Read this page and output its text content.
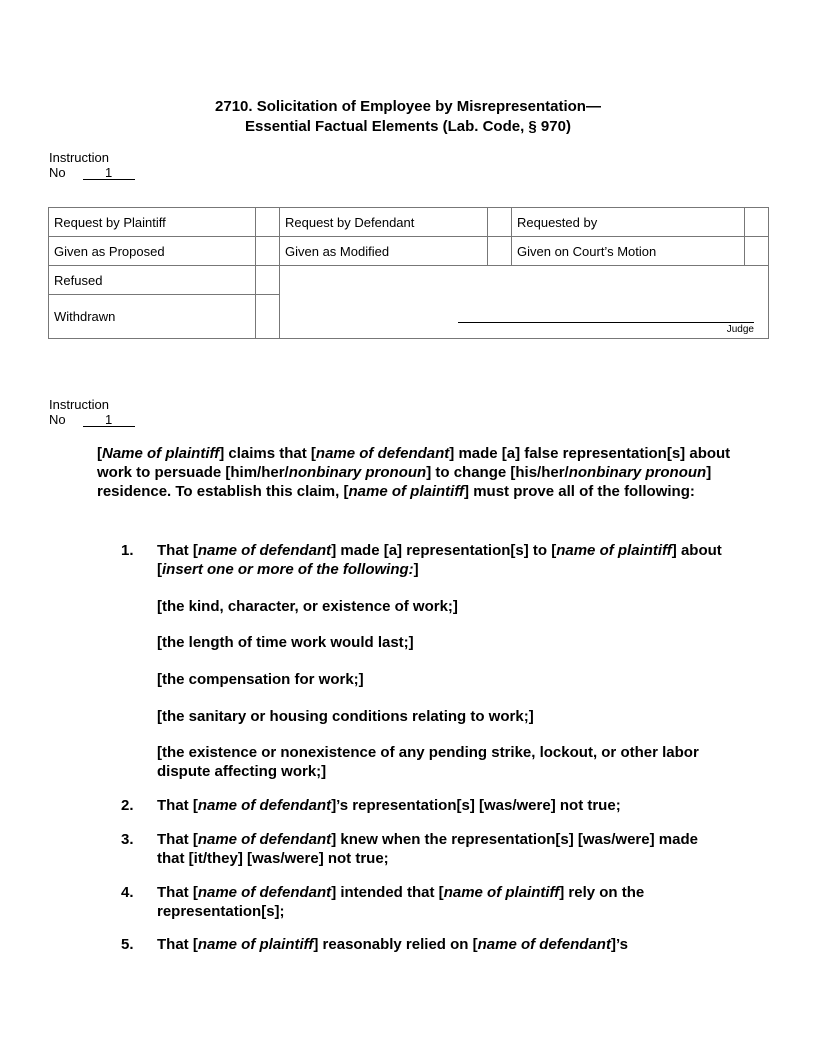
2710. Solicitation of Employee by Misrepresentation—
Essential Factual Elements (Lab. Code, § 970)
Instruction
No	1
Request by Plaintiff		Request by Defendant		Requested by	
Given as Proposed		Given as Modified		Given on Court’s Motion	
Refused		Judge			

Withdrawn					
Instruction
No	1
[Name of plaintiff] claims that [name of defendant] made [a] false representation[s] about work to persuade [him/her/nonbinary pronoun] to change [his/her/nonbinary pronoun] residence. To establish this claim, [name of plaintiff] must prove all of the following:
1. That [name of defendant] made [a] representation[s] to [name of plaintiff] about [insert one or more of the following:]
[the kind, character, or existence of work;]
[the length of time work would last;]
[the compensation for work;]
[the sanitary or housing conditions relating to work;]
[the existence or nonexistence of any pending strike, lockout, or other labor dispute affecting work;]
2. That [name of defendant]’s representation[s] [was/were] not true;
3. That [name of defendant] knew when the representation[s] [was/were] made that [it/they] [was/were] not true;
4. That [name of defendant] intended that [name of plaintiff] rely on the representation[s];
5. That [name of plaintiff] reasonably relied on [name of defendant]’s
